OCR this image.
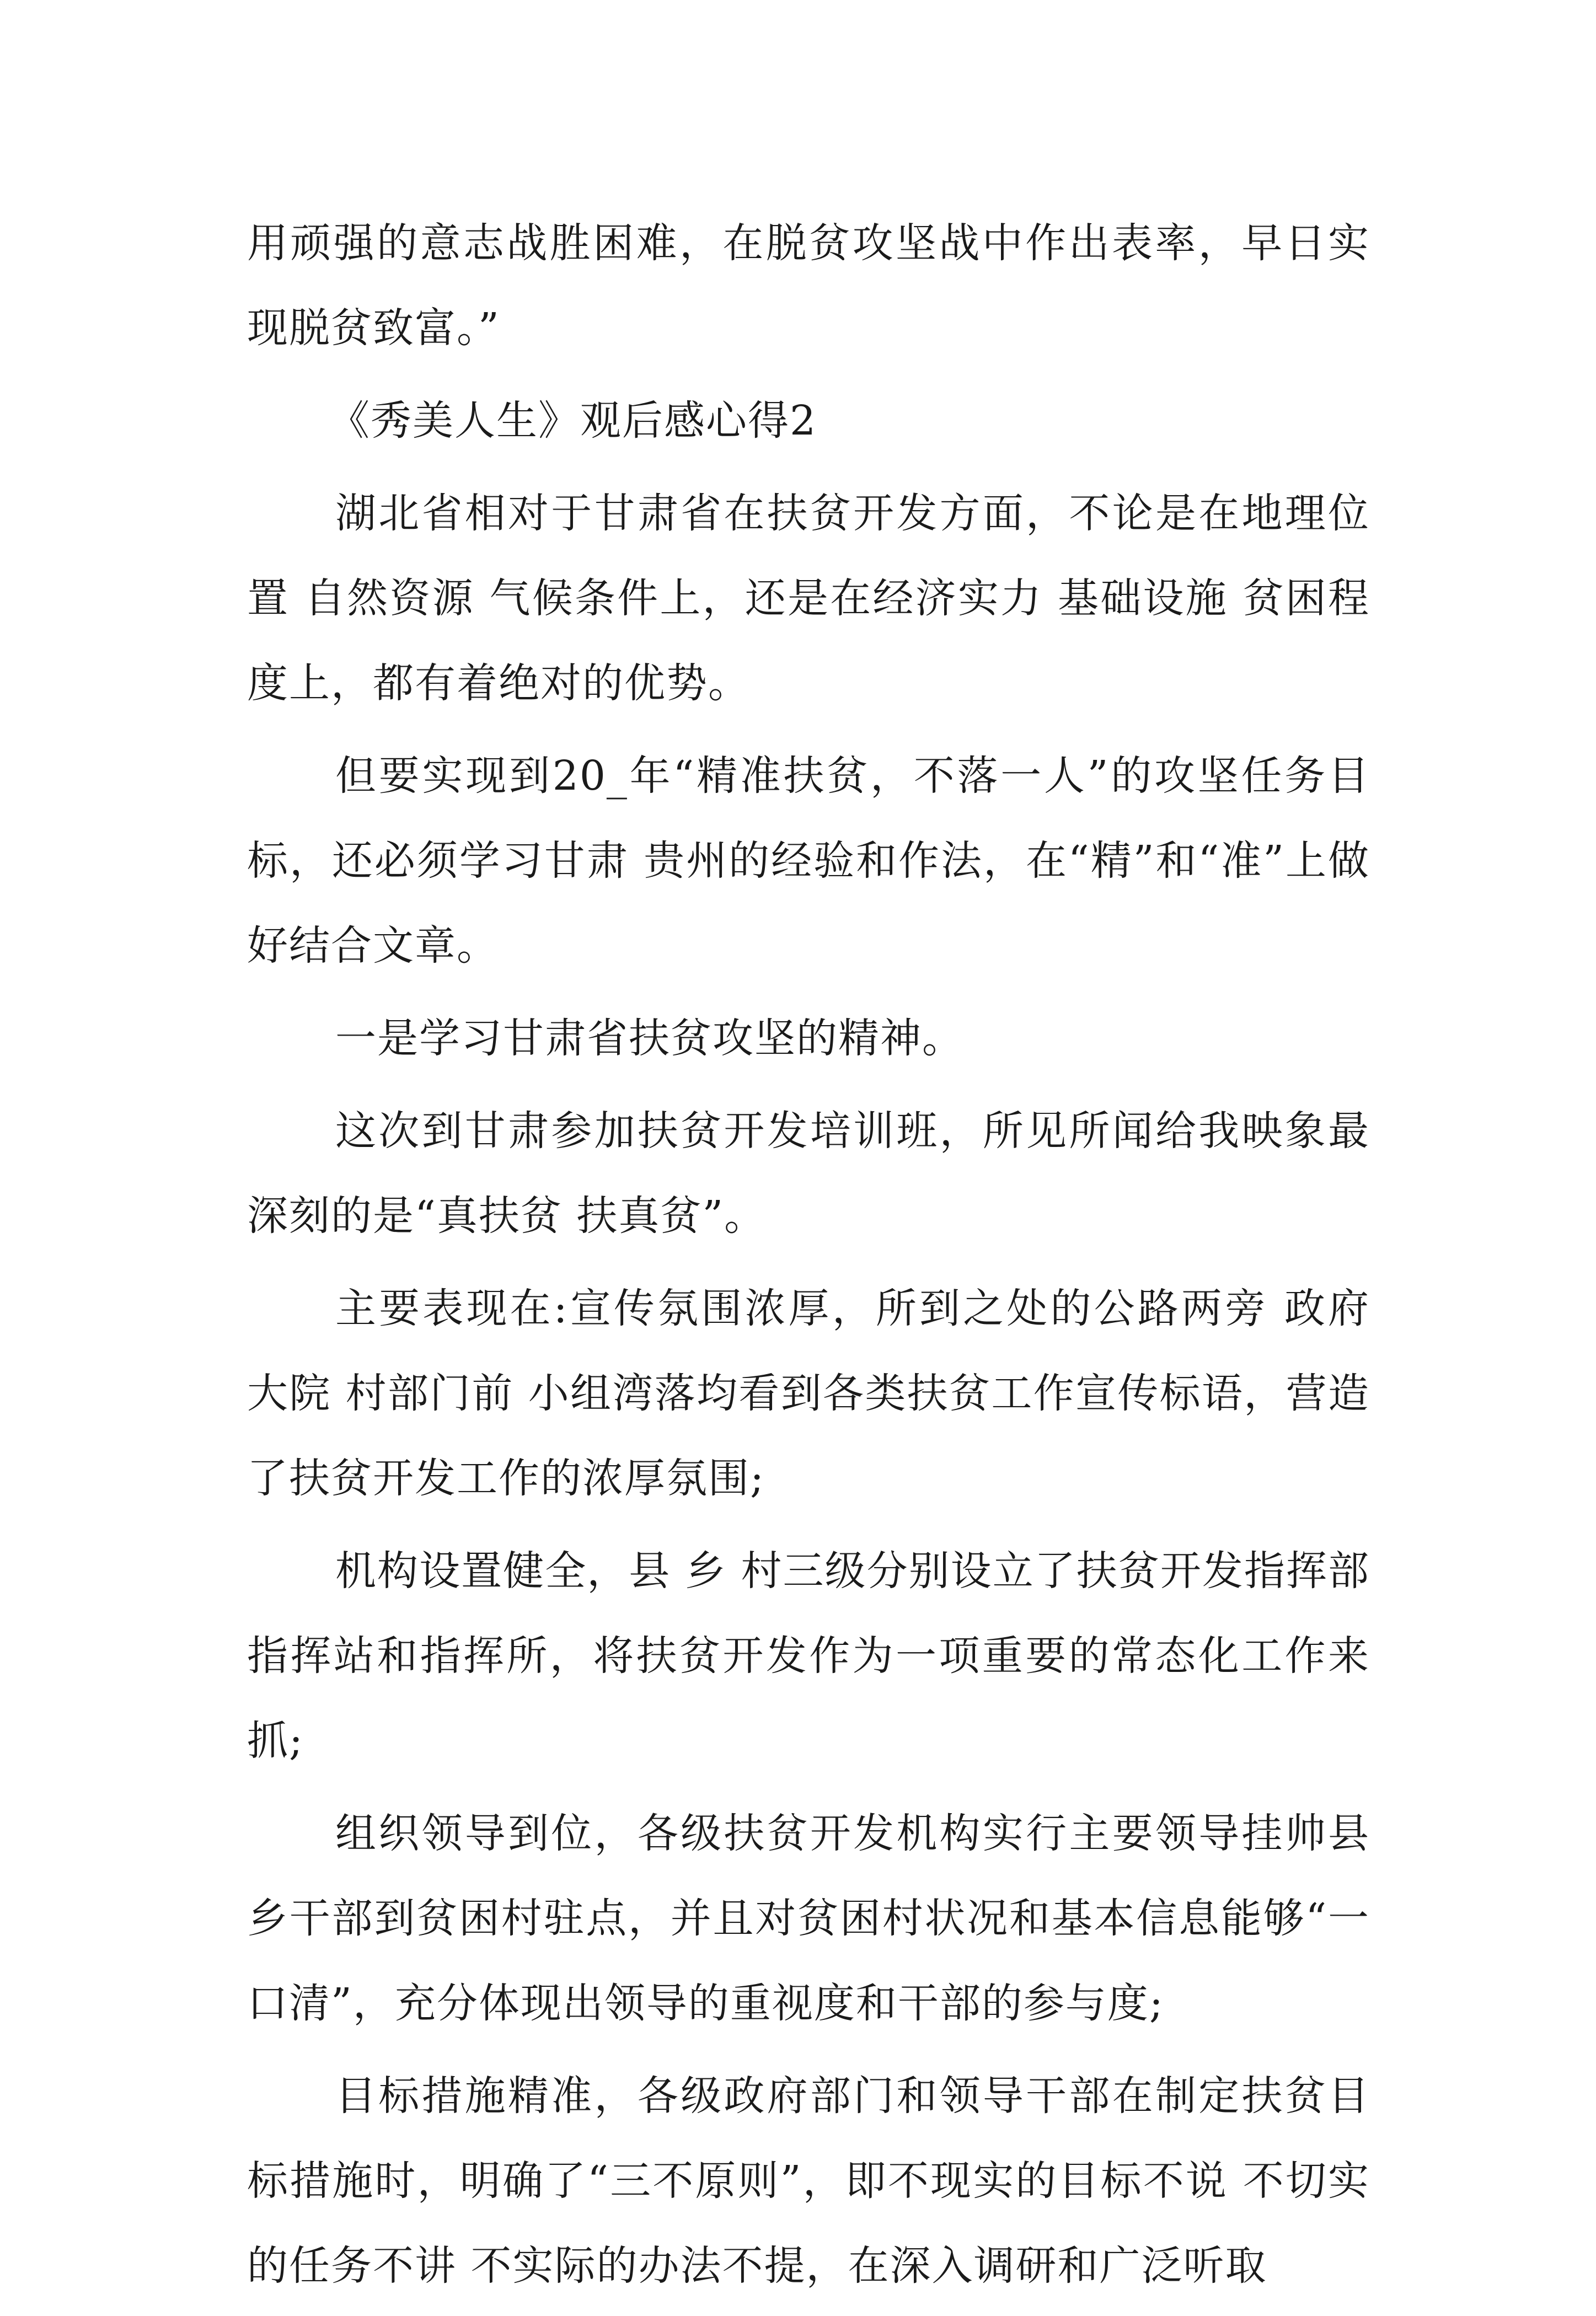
用顽强的意志战胜困难，在脱贫攻坚战中作出表率，早日实现脱贫致富。”

《秀美人生》观后感心得2

湖北省相对于甘肃省在扶贫开发方面，不论是在地理位置 自然资源 气候条件上，还是在经济实力 基础设施 贫困程度上，都有着绝对的优势。

但要实现到20_年“精准扶贫，不落一人”的攻坚任务目标，还必须学习甘肃 贵州的经验和作法，在“精”和“准”上做好结合文章。

一是学习甘肃省扶贫攻坚的精神。

这次到甘肃参加扶贫开发培训班，所见所闻给我映象最深刻的是“真扶贫 扶真贫”。

主要表现在:宣传氛围浓厚，所到之处的公路两旁 政府大院 村部门前 小组湾落均看到各类扶贫工作宣传标语，营造了扶贫开发工作的浓厚氛围;

机构设置健全，县 乡 村三级分别设立了扶贫开发指挥部 指挥站和指挥所，将扶贫开发作为一项重要的常态化工作来抓;

组织领导到位，各级扶贫开发机构实行主要领导挂帅县乡干部到贫困村驻点，并且对贫困村状况和基本信息能够“一口清”，充分体现出领导的重视度和干部的参与度;

目标措施精准，各级政府部门和领导干部在制定扶贫目标措施时，明确了“三不原则”，即不现实的目标不说 不切实的任务不讲 不实际的办法不提，在深入调研和广泛听取
